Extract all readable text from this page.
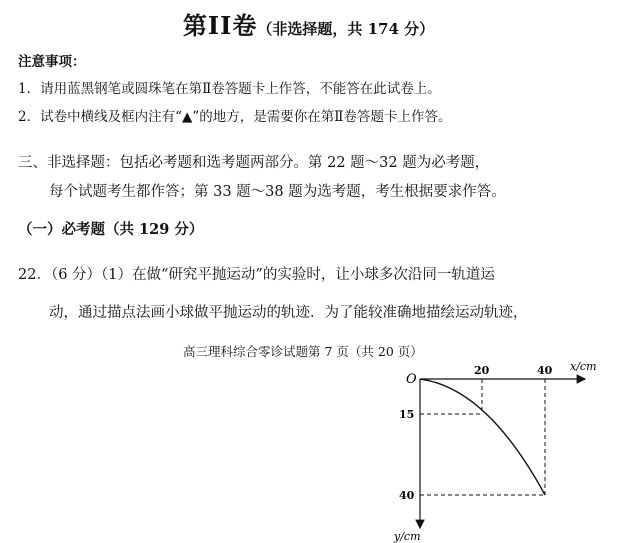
第II卷（非选择题，共 174 分）
注意事项：
1．请用蓝黑钢笔或圆珠笔在第Ⅱ卷答题卡上作答，不能答在此试卷上。
2．试卷中横线及框内注有“▲”的地方，是需要你在第Ⅱ卷答题卡上作答。
三、非选择题：包括必考题和选考题两部分。第 22 题～32 题为必考题，
每个试题考生都作答；第 33 题～38 题为选考题，考生根据要求作答。
（一）必考题（共 129 分）
22．（6 分）（1）在做“研究平抛运动”的实验时，让小球多次沿同一轨道运
动，通过描点法画小球做平抛运动的轨迹．为了能较准确地描绘运动轨迹，
高三理科综合零诊试题第 7 页（共 20 页）
O
20	40 x/cm
15
40
y/cm
